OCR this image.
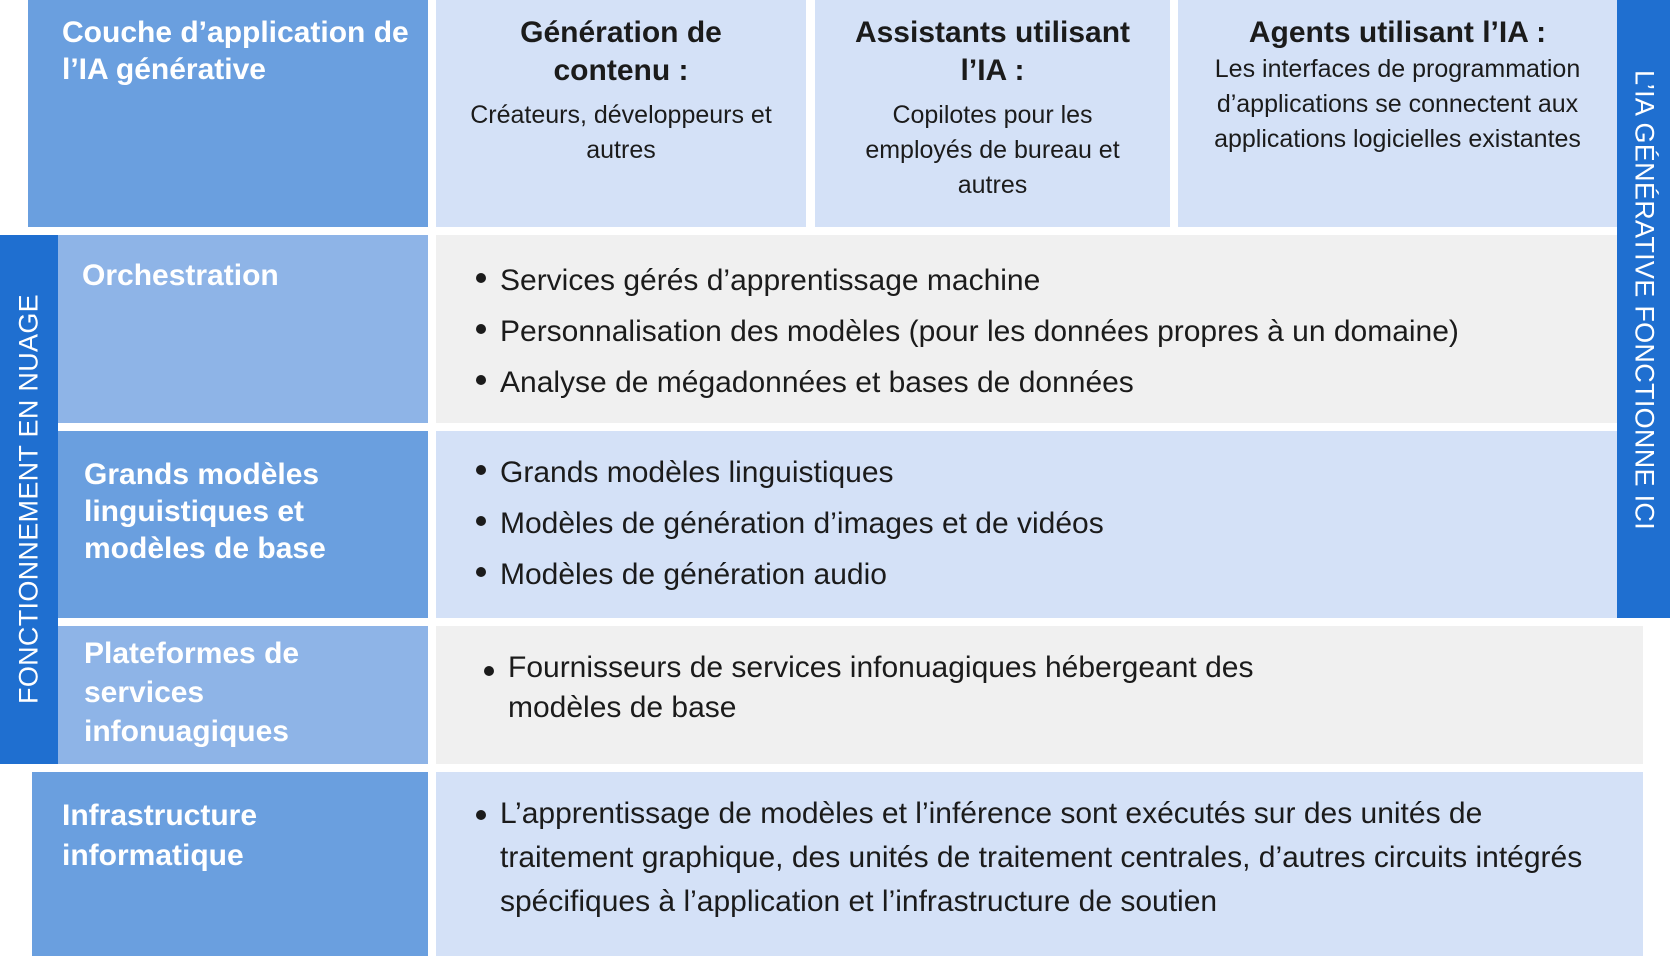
Couche d’application de l’IA générative
Génération de contenu :
Créateurs, développeurs et autres
Assistants utilisant l’IA :
Copilotes pour les employés de bureau et autres
Agents utilisant l’IA :
Les interfaces de programmation d’applications se connectent aux applications logicielles existantes	L’IA GÉNÉRATIVE FONCTIONNE ICI
FONCTIONNEMENT EN NUAGE
Orchestration	Services gérés d’apprentissage machine
Personnalisation des modèles (pour les données propres à un domaine)
Analyse de mégadonnées et bases de données
Grands modèles linguistiques et modèles de base
Grands modèles linguistiques
Modèles de génération d’images et de vidéos
Modèles de génération audio
Plateformes de services infonuagiques
Fournisseurs de services infonuagiques hébergeant des modèles de base
Infrastructure informatique
L’apprentissage de modèles et l’inférence sont exécutés sur des unités de traitement graphique, des unités de traitement centrales, d’autres circuits intégrés spécifiques à l’application et l’infrastructure de soutien
